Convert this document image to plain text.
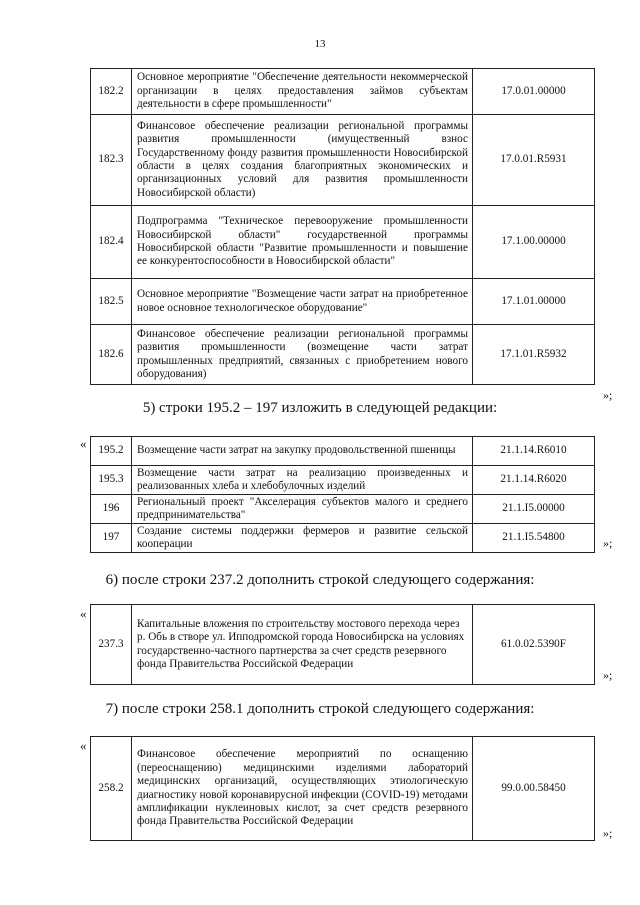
13
182.2	Основное мероприятие "Обеспечение деятельности некоммерческой организации в целях предоставления займов субъектам деятельности в сфере промышленности"	17.0.01.00000
182.3	Финансовое обеспечение реализации региональной программы развития промышленности (имущественный взнос Государственному фонду развития промышленности Новосибирской области в целях создания благоприятных экономических и организационных условий для развития промышленности Новосибирской области)	17.0.01.R5931
182.4	Подпрограмма "Техническое перевооружение промышленности Новосибирской области" государственной программы Новосибирской области "Развитие промышленности и повышение ее конкурентоспособности в Новосибирской области"	17.1.00.00000
182.5	Основное мероприятие "Возмещение части затрат на приобретенное новое основное технологическое оборудование"	17.1.01.00000
182.6	Финансовое обеспечение реализации региональной программы развития промышленности (возмещение части затрат промышленных предприятий, связанных с приобретением нового оборудования)	17.1.01.R5932
»;
5) строки 195.2 – 197 изложить в следующей редакции:
« 195.2	Возмещение части затрат на закупку продовольственной пшеницы	21.1.14.R6010
195.3	Возмещение части затрат на реализацию произведенных и реализованных хлеба и хлебобулочных изделий	21.1.14.R6020
196	Региональный проект "Акселерация субъектов малого и среднего предпринимательства"	21.1.I5.00000
197	Создание системы поддержки фермеров и развитие сельской кооперации	21.1.I5.54800	»;
6) после строки 237.2 дополнить строкой следующего содержания:
«
237.3	Капитальные вложения по строительству мостового перехода через р. Обь в створе ул. Ипподромской города Новосибирска на условиях государственно-частного партнерства за счет средств резервного фонда Правительства Российской Федерации	61.0.02.5390F
»;
7) после строки 258.1 дополнить строкой следующего содержания:
«
258.2	Финансовое обеспечение мероприятий по оснащению (переоснащению) медицинскими изделиями лабораторий медицинских организаций, осуществляющих этиологическую диагностику новой коронавирусной инфекции (COVID-19) методами амплификации нуклеиновых кислот, за счет средств резервного фонда Правительства Российской Федерации	99.0.00.58450
»;
